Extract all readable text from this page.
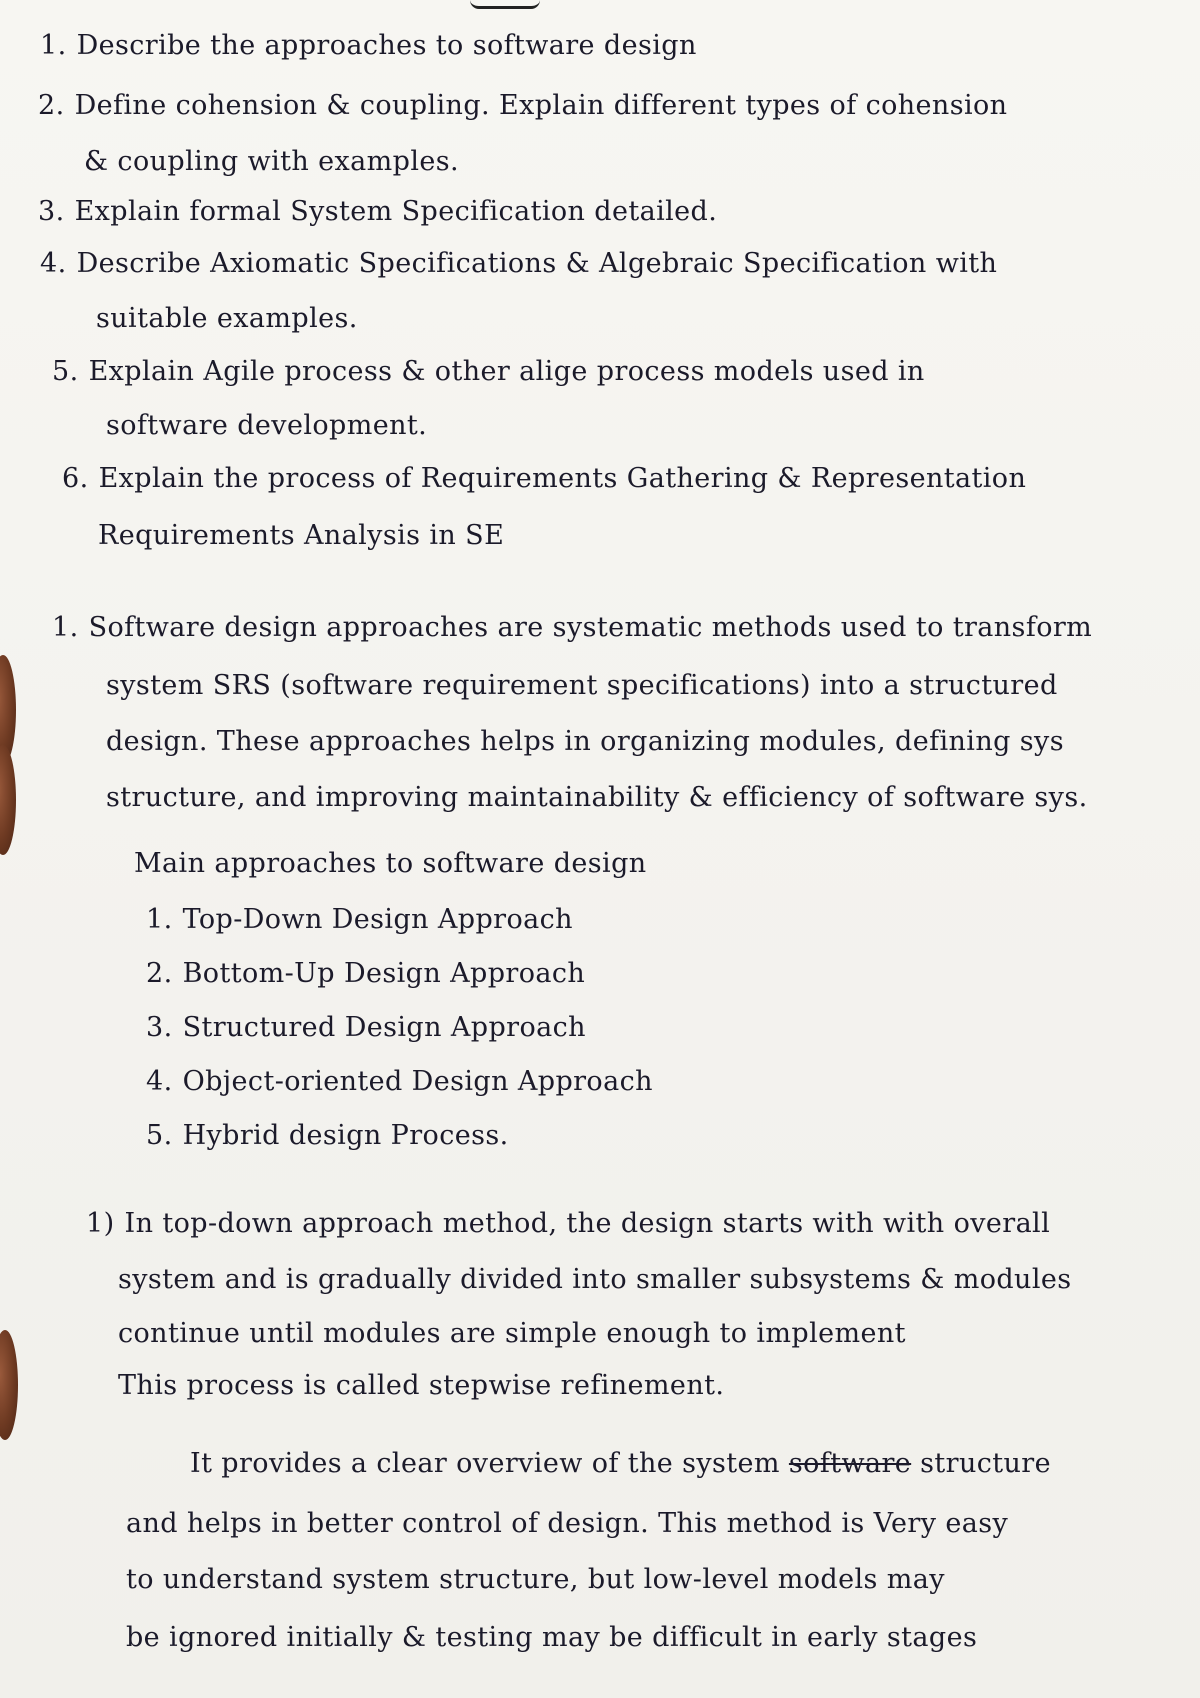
1. Describe the approaches to software design
2. Define cohension & coupling. Explain different types of cohension
& coupling with examples.
3. Explain formal System Specification detailed.
4. Describe Axiomatic Specifications & Algebraic Specification with
suitable examples.
5. Explain Agile process & other alige process models used in
software development.
6. Explain the process of Requirements Gathering & Representation
Requirements Analysis in SE
1. Software design approaches are systematic methods used to transform
system SRS (software requirement specifications) into a structured
design. These approaches helps in organizing modules, defining sys
structure, and improving maintainability & efficiency of software sys.
Main approaches to software design
1. Top-Down Design Approach
2. Bottom-Up Design Approach
3. Structured Design Approach
4. Object-oriented Design Approach
5. Hybrid design Process.
1) In top-down approach method, the design starts with with overall
system and is gradually divided into smaller subsystems & modules
continue until modules are simple enough to implement
This process is called stepwise refinement.
It provides a clear overview of the system software structure
and helps in better control of design. This method is Very easy
to understand system structure, but low-level models may
be ignored initially & testing may be difficult in early stages
